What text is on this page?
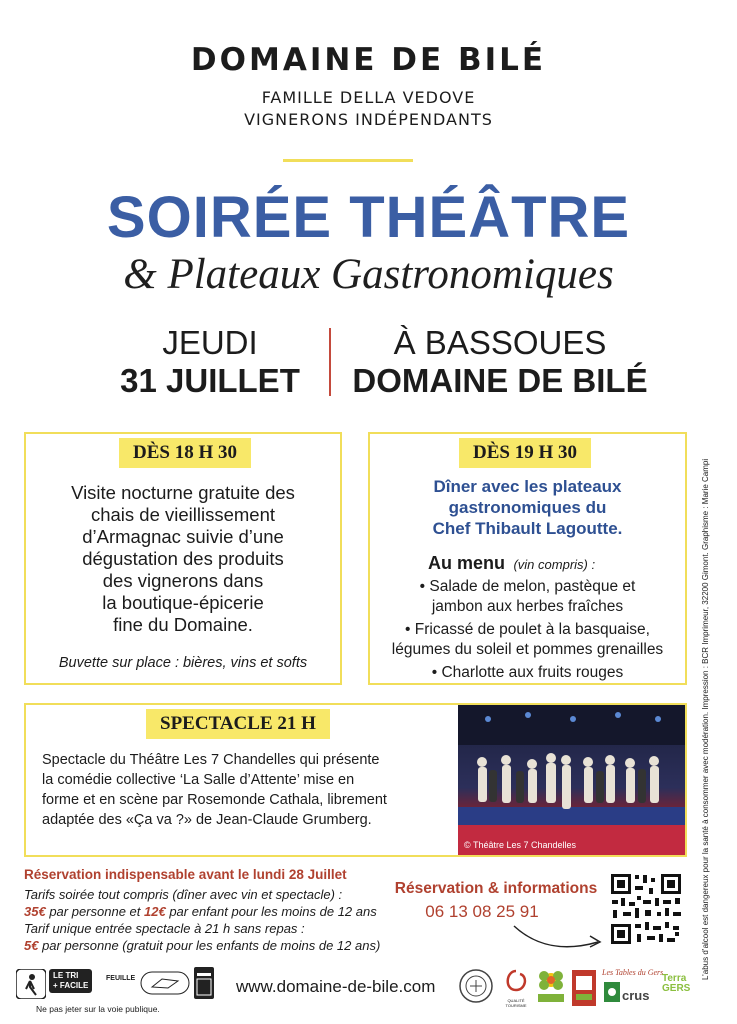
DOMAINE DE BILÉ
FAMILLE DELLA VEDOVE
VIGNERONS INDÉPENDANTS
SOIRÉE THÉÂTRE
& Plateaux Gastronomiques
JEUDI
31 JUILLET
À BASSOUES
DOMAINE DE BILÉ
DÈS 18 H 30
Visite nocturne gratuite des
chais de vieillissement
d’Armagnac suivie d’une
dégustation des produits
des vignerons dans
la boutique-épicerie
fine du Domaine.
Buvette sur place : bières, vins et softs
DÈS 19 H 30
Dîner avec les plateaux
gastronomiques du
Chef Thibault Lagoutte.
Au menu (vin compris) :
• Salade de melon, pastèque et
jambon aux herbes fraîches
• Fricassé de poulet à la basquaise,
légumes du soleil et pommes grenailles
• Charlotte aux fruits rouges
SPECTACLE 21 H
Spectacle du Théâtre Les 7 Chandelles qui présente
la comédie collective ‘La Salle d’Attente’ mise en
forme et en scène par Rosemonde Cathala, librement
adaptée des «Ça va ?» de Jean-Claude Grumberg.
© Théâtre Les 7 Chandelles
Réservation indispensable avant le lundi 28 Juillet
Tarifs soirée tout compris (dîner avec vin et spectacle) :
35€ par personne et 12€ par enfant pour les moins de 12 ans
Tarif unique entrée spectacle à 21 h sans repas :
5€ par personne (gratuit pour les enfants de moins de 12 ans)
Réservation & informations
06 13 08 25 91
LE TRI
+ FACILE
FEUILLE
Ne pas jeter sur la voie publique.
www.domaine-de-bile.com
QUALITÉ TOURISME
Les Tables du Gers
crus
Terra GERS
L’abus d’alcool est dangereux pour la santé à consommer avec modération. Impression : BCR Imprimeur, 32200 Gimont. Graphisme : Marie Campi
